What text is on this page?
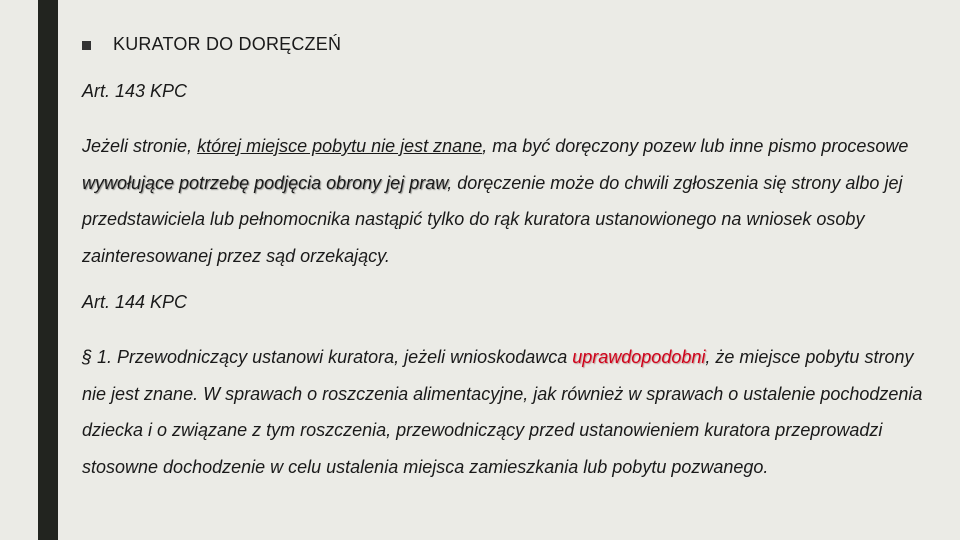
KURATOR DO DORĘCZEŃ
Art. 143 KPC

Jeżeli stronie, której miejsce pobytu nie jest znane, ma być doręczony pozew lub inne pismo procesowe wywołujące potrzebę podjęcia obrony jej praw, doręczenie może do chwili zgłoszenia się strony albo jej przedstawiciela lub pełnomocnika nastąpić tylko do rąk kuratora ustanowionego na wniosek osoby zainteresowanej przez sąd orzekający.

Art. 144 KPC

§ 1. Przewodniczący ustanowi kuratora, jeżeli wnioskodawca uprawdopodobni, że miejsce pobytu strony nie jest znane. W sprawach o roszczenia alimentacyjne, jak również w sprawach o ustalenie pochodzenia dziecka i o związane z tym roszczenia, przewodniczący przed ustanowieniem kuratora przeprowadzi stosowne dochodzenie w celu ustalenia miejsca zamieszkania lub pobytu pozwanego.
